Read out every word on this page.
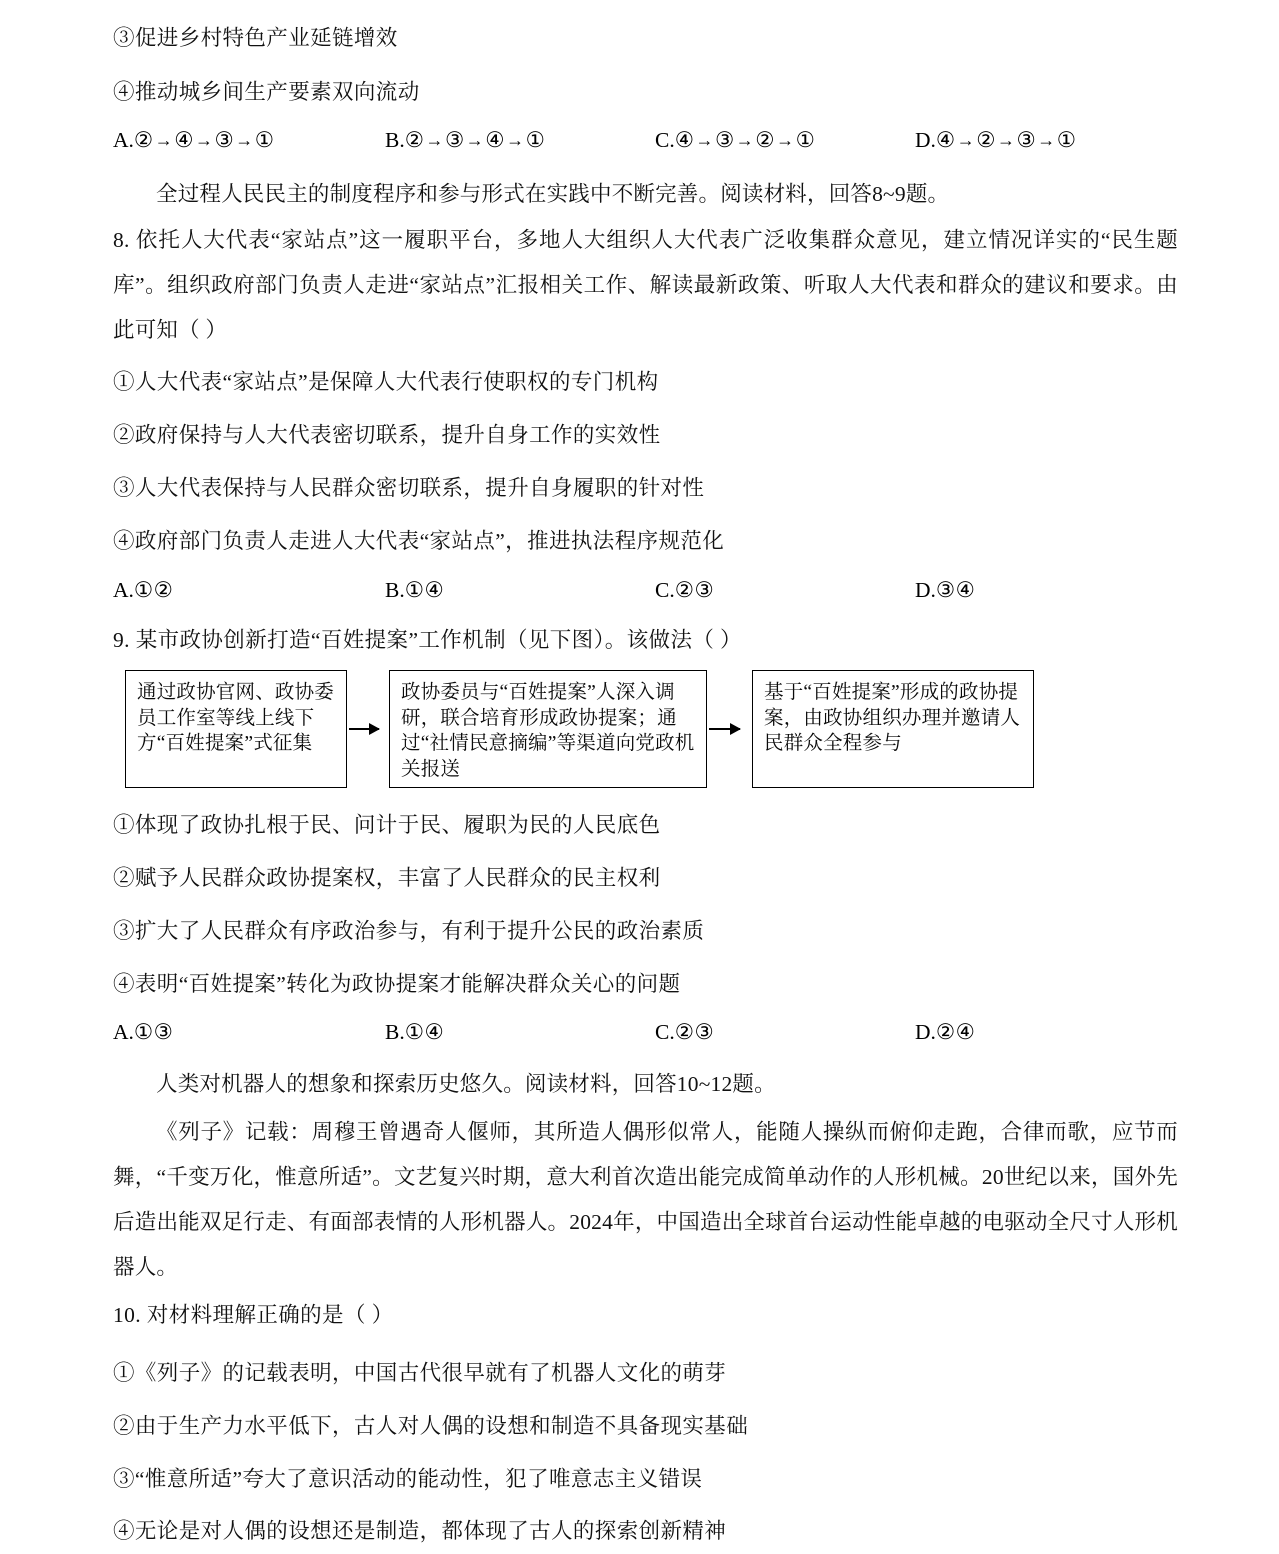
③促进乡村特色产业延链增效
④推动城乡间生产要素双向流动
A.②→④→③→①	B.②→③→④→①	C.④→③→②→①	D.④→②→③→①
全过程人民民主的制度程序和参与形式在实践中不断完善。阅读材料，回答8~9题。
8. 依托人大代表“家站点”这一履职平台，多地人大组织人大代表广泛收集群众意见，建立情况详实的“民生题库”。组织政府部门负责人走进“家站点”汇报相关工作、解读最新政策、听取人大代表和群众的建议和要求。由此可知（ ）
①人大代表“家站点”是保障人大代表行使职权的专门机构
②政府保持与人大代表密切联系，提升自身工作的实效性
③人大代表保持与人民群众密切联系，提升自身履职的针对性
④政府部门负责人走进人大代表“家站点”，推进执法程序规范化
A.①②	B.①④	C.②③	D.③④
9. 某市政协创新打造“百姓提案”工作机制（见下图）。该做法（ ）
通过政协官网、政协委员工作室等线上线下方“百姓提案”式征集
政协委员与“百姓提案”人深入调研，联合培育形成政协提案；通过“社情民意摘编”等渠道向党政机关报送
基于“百姓提案”形成的政协提案，由政协组织办理并邀请人民群众全程参与
①体现了政协扎根于民、问计于民、履职为民的人民底色
②赋予人民群众政协提案权，丰富了人民群众的民主权利
③扩大了人民群众有序政治参与，有利于提升公民的政治素质
④表明“百姓提案”转化为政协提案才能解决群众关心的问题
A.①③	B.①④	C.②③	D.②④
人类对机器人的想象和探索历史悠久。阅读材料，回答10~12题。
《列子》记载：周穆王曾遇奇人偃师，其所造人偶形似常人，能随人操纵而俯仰走跑，合律而歌，应节而舞，“千变万化，惟意所适”。文艺复兴时期，意大利首次造出能完成简单动作的人形机械。20世纪以来，国外先后造出能双足行走、有面部表情的人形机器人。2024年，中国造出全球首台运动性能卓越的电驱动全尺寸人形机器人。
10. 对材料理解正确的是（ ）
①《列子》的记载表明，中国古代很早就有了机器人文化的萌芽
②由于生产力水平低下，古人对人偶的设想和制造不具备现实基础
③“惟意所适”夸大了意识活动的能动性，犯了唯意志主义错误
④无论是对人偶的设想还是制造，都体现了古人的探索创新精神
